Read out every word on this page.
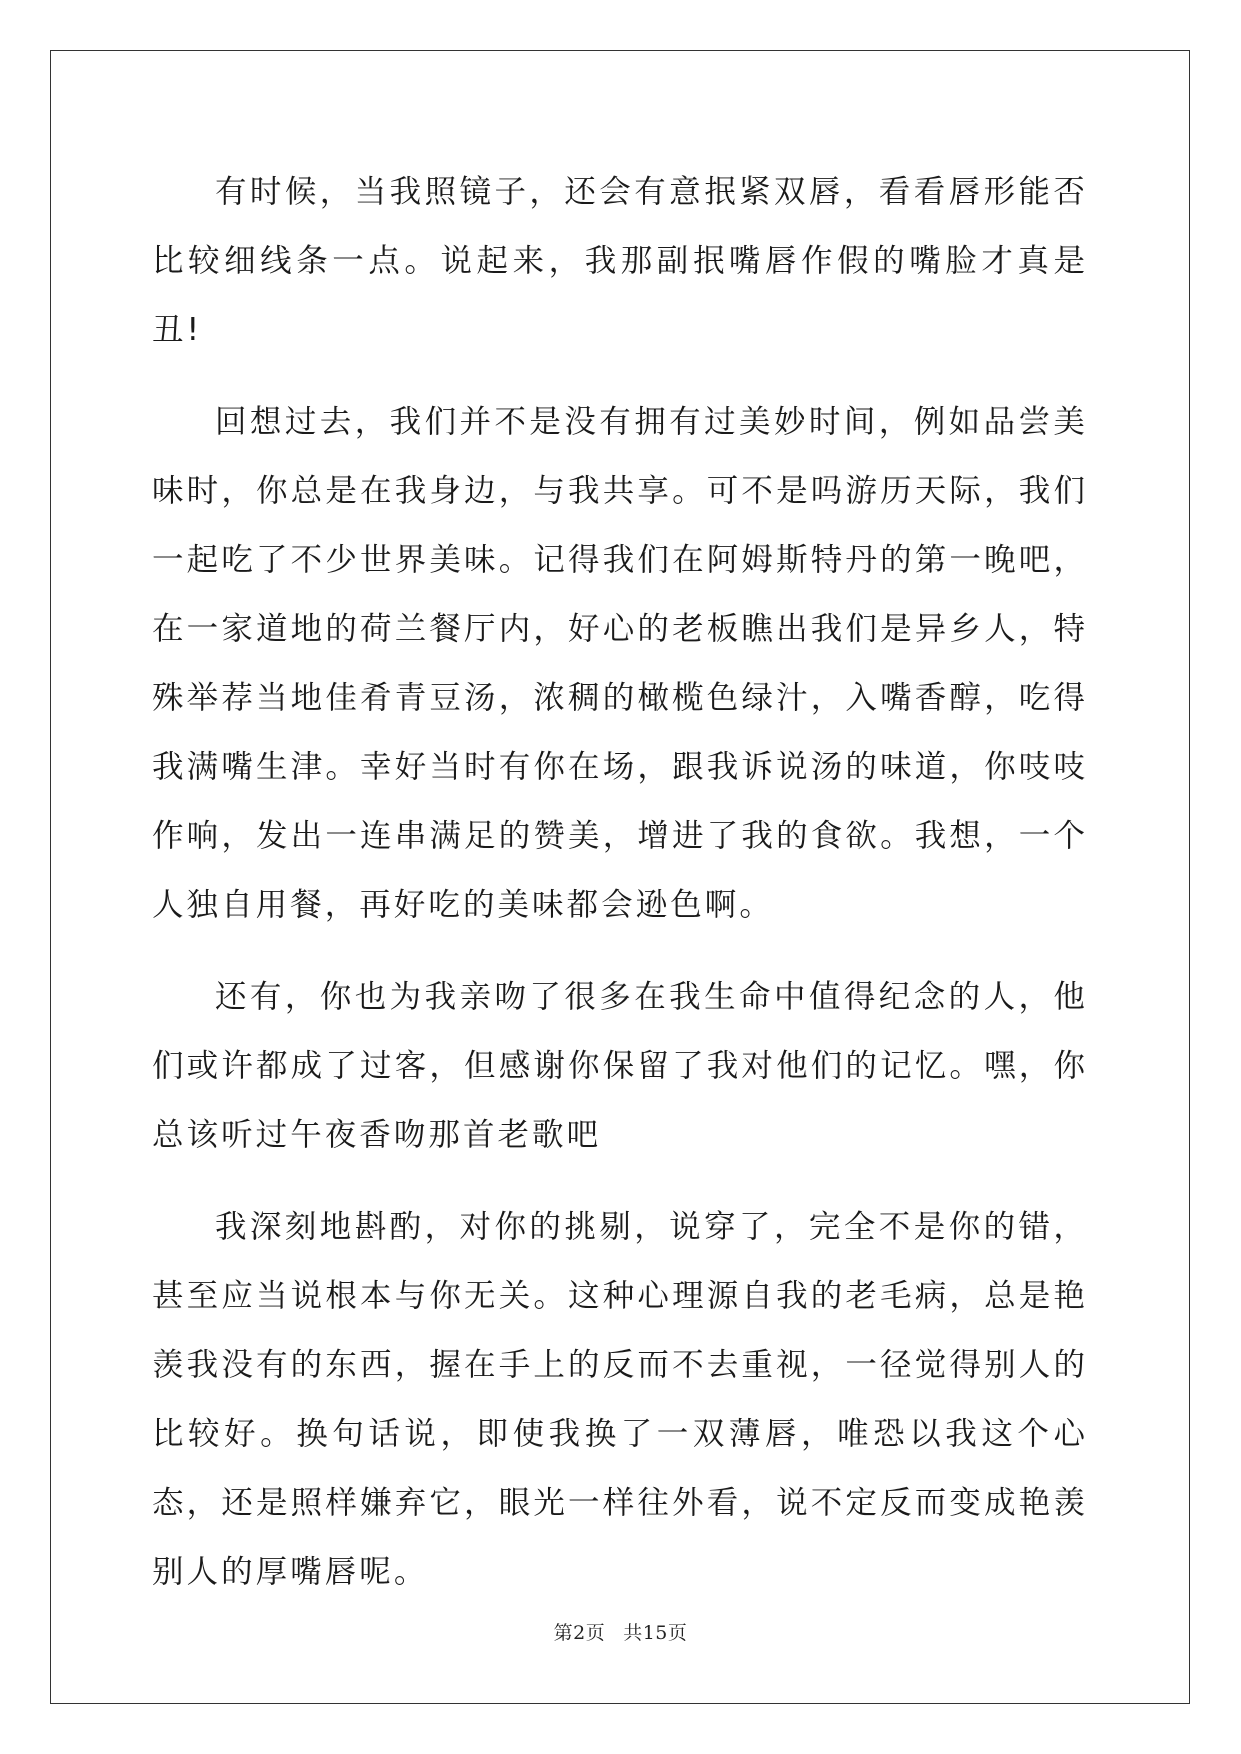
有时候，当我照镜子，还会有意抿紧双唇，看看唇形能否比较细线条一点。说起来，我那副抿嘴唇作假的嘴脸才真是丑!

回想过去，我们并不是没有拥有过美妙时间，例如品尝美味时，你总是在我身边，与我共享。可不是吗游历天际，我们一起吃了不少世界美味。记得我们在阿姆斯特丹的第一晚吧，在一家道地的荷兰餐厅内，好心的老板瞧出我们是异乡人，特殊举荐当地佳肴青豆汤，浓稠的橄榄色绿汁，入嘴香醇，吃得我满嘴生津。幸好当时有你在场，跟我诉说汤的味道，你吱吱作响，发出一连串满足的赞美，增进了我的食欲。我想，一个人独自用餐，再好吃的美味都会逊色啊。

还有，你也为我亲吻了很多在我生命中值得纪念的人，他们或许都成了过客，但感谢你保留了我对他们的记忆。嘿，你总该听过午夜香吻那首老歌吧

我深刻地斟酌，对你的挑剔，说穿了，完全不是你的错，甚至应当说根本与你无关。这种心理源自我的老毛病，总是艳羡我没有的东西，握在手上的反而不去重视，一径觉得别人的比较好。换句话说，即使我换了一双薄唇，唯恐以我这个心态，还是照样嫌弃它，眼光一样往外看，说不定反而变成艳羡别人的厚嘴唇呢。

第2页 共15页
